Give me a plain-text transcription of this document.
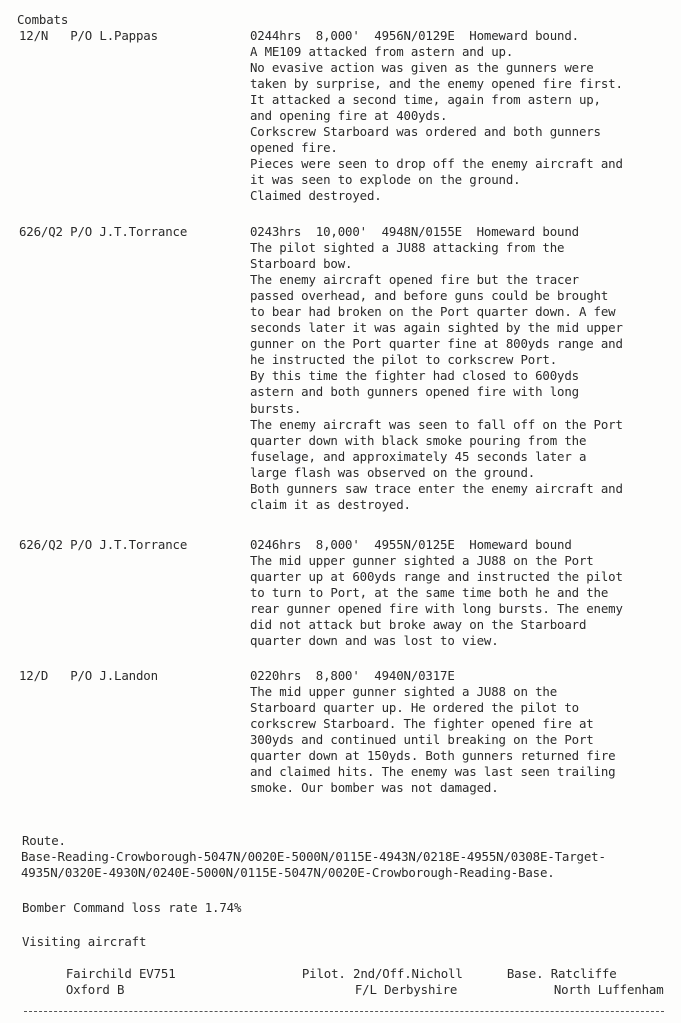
Combats
12/N P/O L.Pappas	0244hrs  8,000'  4956N/0129E  Homeward bound.
A ME109 attacked from astern and up.
No evasive action was given as the gunners were
taken by surprise, and the enemy opened fire first.
It attacked a second time, again from astern up,
and opening fire at 400yds.
Corkscrew Starboard was ordered and both gunners
opened fire.
Pieces were seen to drop off the enemy aircraft and
it was seen to explode on the ground.
Claimed destroyed.
626/Q2 P/O J.T.Torrance	0243hrs  10,000'  4948N/0155E  Homeward bound
The pilot sighted a JU88 attacking from the
Starboard bow.
The enemy aircraft opened fire but the tracer
passed overhead, and before guns could be brought
to bear had broken on the Port quarter down. A few
seconds later it was again sighted by the mid upper
gunner on the Port quarter fine at 800yds range and
he instructed the pilot to corkscrew Port.
By this time the fighter had closed to 600yds
astern and both gunners opened fire with long
bursts.
The enemy aircraft was seen to fall off on the Port
quarter down with black smoke pouring from the
fuselage, and approximately 45 seconds later a
large flash was observed on the ground.
Both gunners saw trace enter the enemy aircraft and
claim it as destroyed.
626/Q2 P/O J.T.Torrance	0246hrs  8,000'  4955N/0125E  Homeward bound
The mid upper gunner sighted a JU88 on the Port
quarter up at 600yds range and instructed the pilot
to turn to Port, at the same time both he and the
rear gunner opened fire with long bursts. The enemy
did not attack but broke away on the Starboard
quarter down and was lost to view.
12/D P/O J.Landon	0220hrs  8,800'  4940N/0317E
The mid upper gunner sighted a JU88 on the
Starboard quarter up. He ordered the pilot to
corkscrew Starboard. The fighter opened fire at
300yds and continued until breaking on the Port
quarter down at 150yds. Both gunners returned fire
and claimed hits. The enemy was last seen trailing
smoke. Our bomber was not damaged.
Route.
Base-Reading-Crowborough-5047N/0020E-5000N/0115E-4943N/0218E-4955N/0308E-Target-
4935N/0320E-4930N/0240E-5000N/0115E-5047N/0020E-Crowborough-Reading-Base.
Bomber Command loss rate 1.74%
Visiting aircraft

Fairchild EV751
	Pilot. 2nd/Off.Nicholl
	Base. Ratcliffe

Oxford B
	F/L Derbyshire
	North Luffenham
